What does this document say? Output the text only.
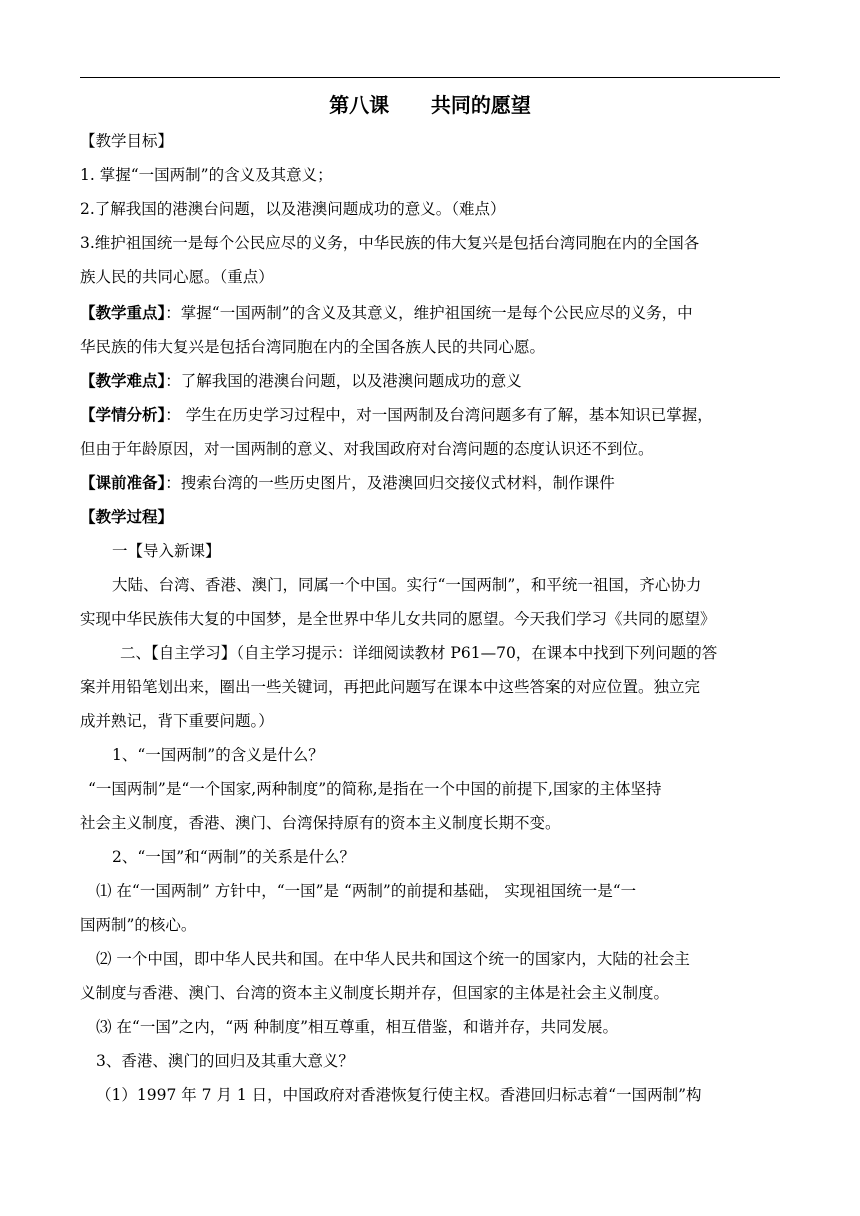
第八课      共同的愿望
【教学目标】
1. 掌握“一国两制”的含义及其意义；
2.了解我国的港澳台问题，以及港澳问题成功的意义。（难点）
3.维护祖国统一是每个公民应尽的义务，中华民族的伟大复兴是包括台湾同胞在内的全国各
族人民的共同心愿。（重点）
【教学重点】：掌握“一国两制”的含义及其意义，维护祖国统一是每个公民应尽的义务，中
华民族的伟大复兴是包括台湾同胞在内的全国各族人民的共同心愿。
【教学难点】：了解我国的港澳台问题，以及港澳问题成功的意义
【学情分析】： 学生在历史学习过程中，对一国两制及台湾问题多有了解，基本知识已掌握，
但由于年龄原因，对一国两制的意义、对我国政府对台湾问题的态度认识还不到位。
【课前准备】：搜索台湾的一些历史图片，及港澳回归交接仪式材料，制作课件
【教学过程】
一【导入新课】
大陆、台湾、香港、澳门，同属一个中国。实行“一国两制”，和平统一祖国，齐心协力
实现中华民族伟大复的中国梦，是全世界中华儿女共同的愿望。今天我们学习《共同的愿望》
二、【自主学习】（自主学习提示：详细阅读教材 P61—70，在课本中找到下列问题的答
案并用铅笔划出来，圈出一些关键词，再把此问题写在课本中这些答案的对应位置。独立完
成并熟记，背下重要问题。）
1、“一国两制”的含义是什么？
“一国两制”是“一个国家,两种制度”的简称,是指在一个中国的前提下,国家的主体坚持
社会主义制度，香港、澳门、台湾保持原有的资本主义制度长期不变。
2、“一国”和“两制”的关系是什么？
⑴ 在“一国两制” 方针中，“一国”是 “两制”的前提和基础， 实现祖国统一是“一
国两制”的核心。
⑵ 一个中国，即中华人民共和国。在中华人民共和国这个统一的国家内，大陆的社会主
义制度与香港、澳门、台湾的资本主义制度长期并存，但国家的主体是社会主义制度。
⑶ 在“一国”之内，“两 种制度”相互尊重，相互借鉴，和谐并存，共同发展。
3、香港、澳门的回归及其重大意义？
（1）1997 年 7 月 1 日，中国政府对香港恢复行使主权。香港回归标志着“一国两制”构
